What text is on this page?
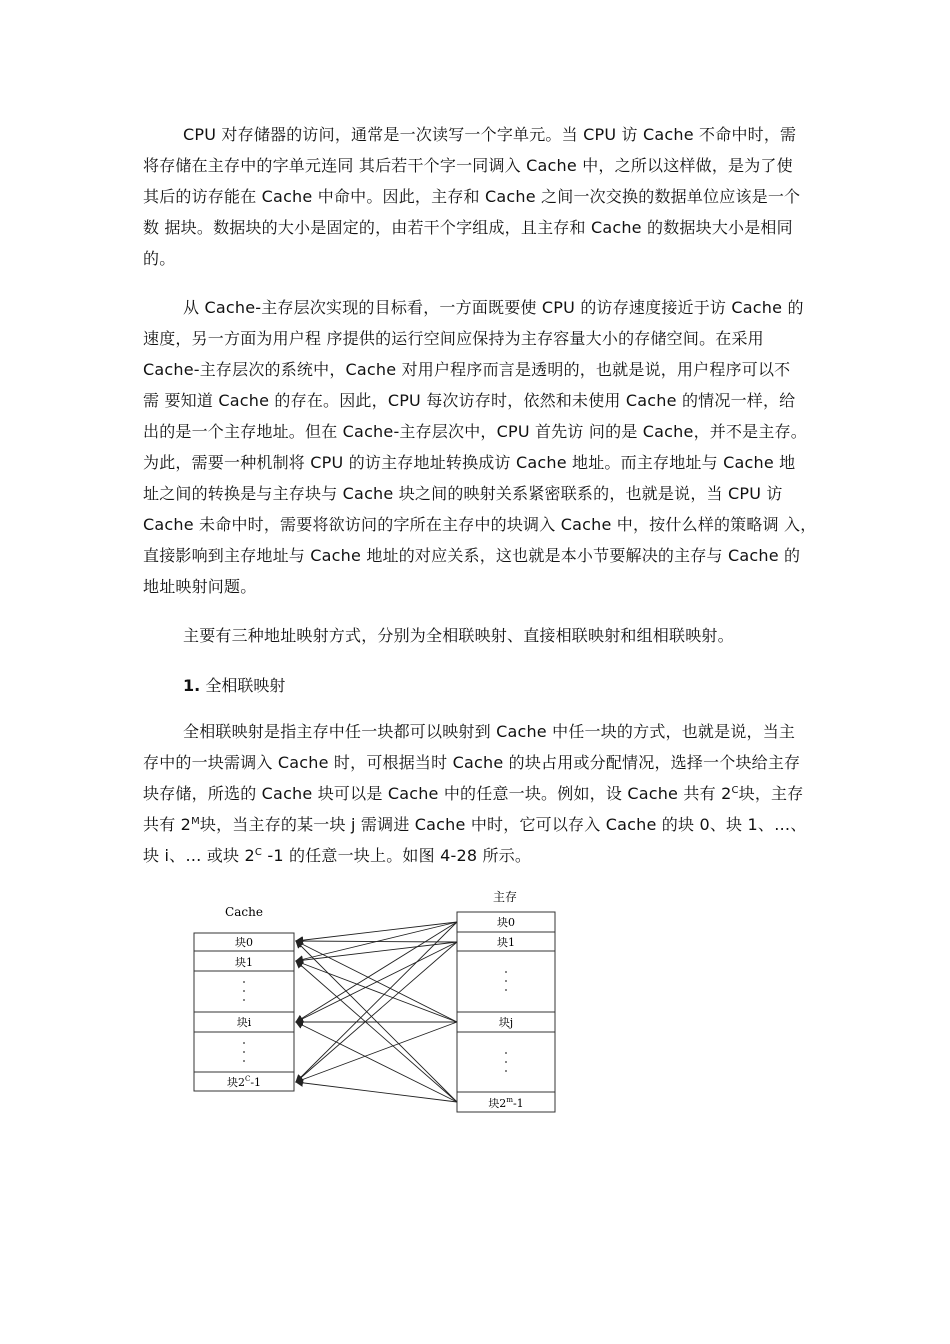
CPU 对存储器的访问，通常是一次读写一个字单元。当 CPU 访 Cache 不命中时，需
将存储在主存中的字单元连同 其后若干个字一同调入 Cache 中，之所以这样做，是为了使
其后的访存能在 Cache 中命中。因此，主存和 Cache 之间一次交换的数据单位应该是一个
数 据块。数据块的大小是固定的，由若干个字组成，且主存和 Cache 的数据块大小是相同
的。
从 Cache-主存层次实现的目标看，一方面既要使 CPU 的访存速度接近于访 Cache 的
速度，另一方面为用户程 序提供的运行空间应保持为主存容量大小的存储空间。在采用
Cache-主存层次的系统中，Cache 对用户程序而言是透明的，也就是说，用户程序可以不
需 要知道 Cache 的存在。因此，CPU 每次访存时，依然和未使用 Cache 的情况一样，给
出的是一个主存地址。但在 Cache-主存层次中，CPU 首先访 问的是 Cache，并不是主存。
为此，需要一种机制将 CPU 的访主存地址转换成访 Cache 地址。而主存地址与 Cache 地
址之间的转换是与主存块与 Cache 块之间的映射关系紧密联系的，也就是说，当 CPU 访
Cache 未命中时，需要将欲访问的字所在主存中的块调入 Cache 中，按什么样的策略调 入，
直接影响到主存地址与 Cache 地址的对应关系，这也就是本小节要解决的主存与 Cache 的
地址映射问题。
主要有三种地址映射方式，分别为全相联映射、直接相联映射和组相联映射。
1. 全相联映射
全相联映射是指主存中任一块都可以映射到 Cache 中任一块的方式，也就是说，当主
存中的一块需调入 Cache 时，可根据当时 Cache 的块占用或分配情况，选择一个块给主存
块存储，所选的 Cache 块可以是 Cache 中的任意一块。例如，设 Cache 共有 $2^C$块，主存
共有 $2^M$块，当主存的某一块 j 需调进 Cache 中时，它可以存入 Cache 的块 0、块 1、…、
块 i、… 或块 $2^C$ -1 的任意一块上。如图 4-28 所示。
Cache
主存
块0
块1
块i
块$2^C-1$
块0
块1
块j
块2$^m$-1
